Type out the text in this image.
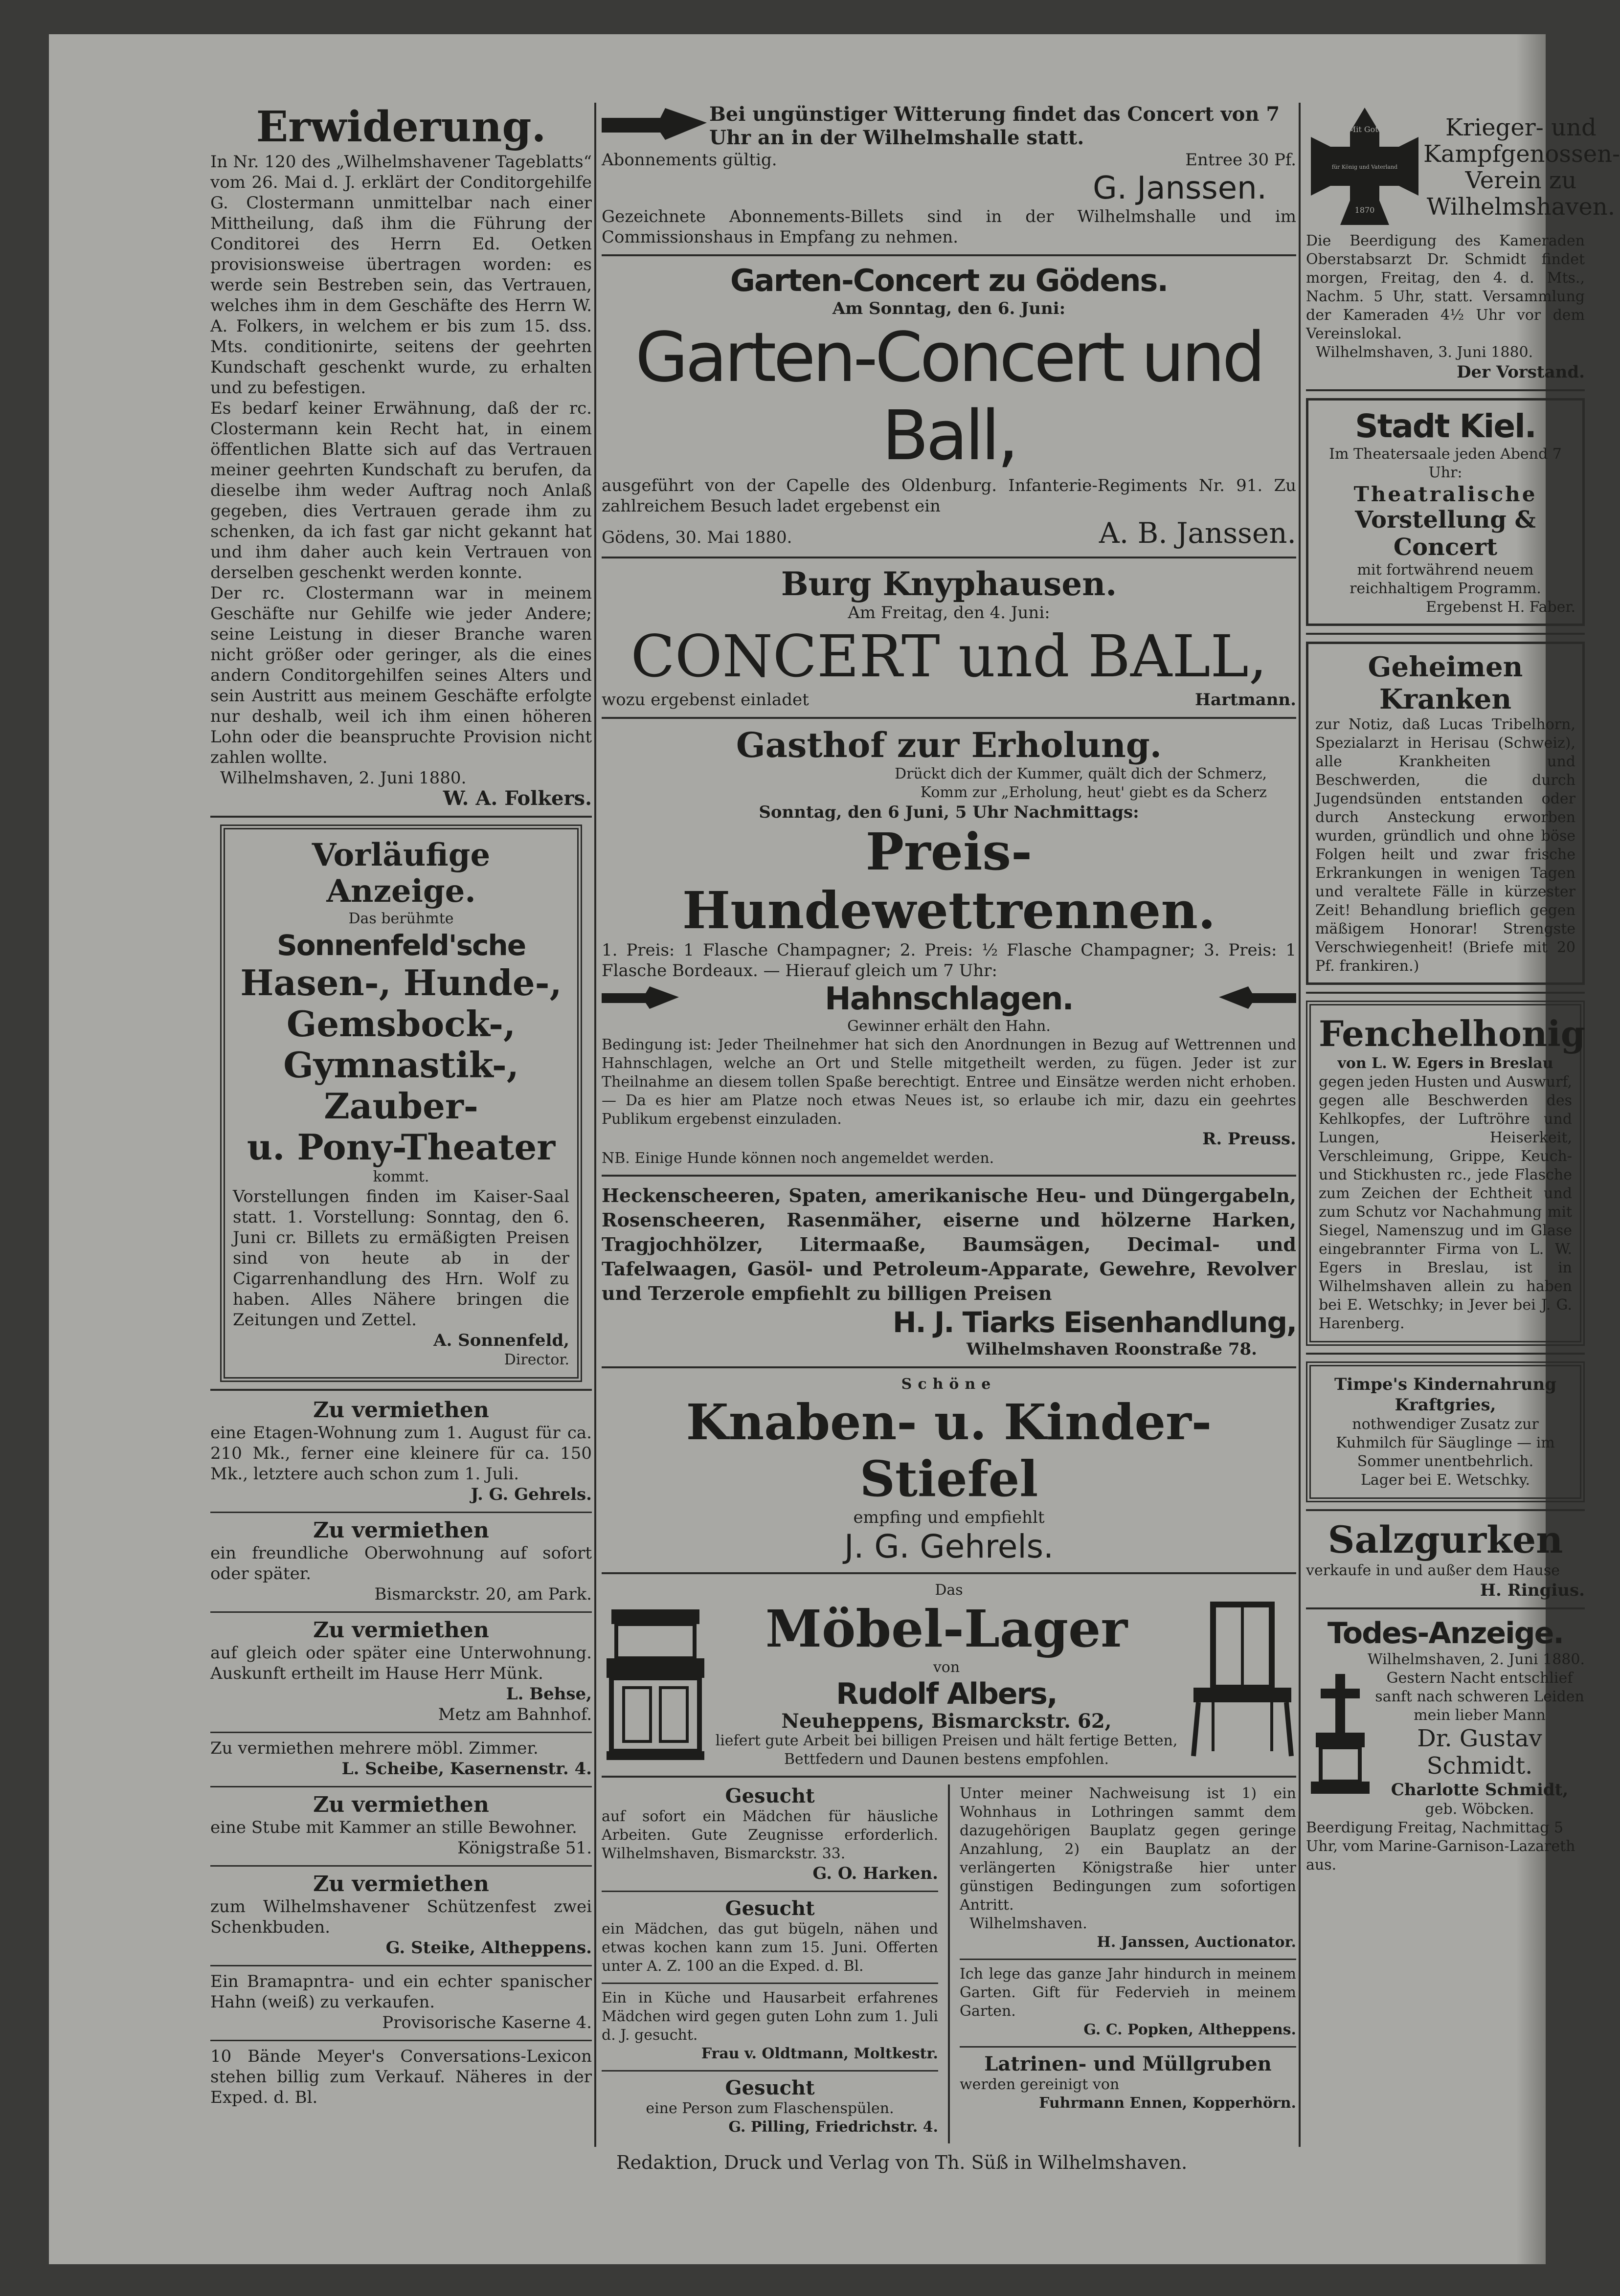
Erwiderung.
In Nr. 120 des „Wilhelmshavener Tageblatts“ vom 26. Mai d. J. erklärt der Conditorgehilfe G. Clostermann unmittelbar nach einer Mittheilung, daß ihm die Führung der Conditorei des Herrn Ed. Oetken provisionsweise übertragen worden: es werde sein Bestreben sein, das Vertrauen, welches ihm in dem Geschäfte des Herrn W. A. Folkers, in welchem er bis zum 15. dss. Mts. conditionirte, seitens der geehrten Kundschaft geschenkt wurde, zu erhalten und zu befestigen.
Es bedarf keiner Erwähnung, daß der rc. Clostermann kein Recht hat, in einem öffentlichen Blatte sich auf das Vertrauen meiner geehrten Kundschaft zu berufen, da dieselbe ihm weder Auftrag noch Anlaß gegeben, dies Vertrauen gerade ihm zu schenken, da ich fast gar nicht gekannt hat und ihm daher auch kein Vertrauen von derselben geschenkt werden konnte.
Der rc. Clostermann war in meinem Geschäfte nur Gehilfe wie jeder Andere; seine Leistung in dieser Branche waren nicht größer oder geringer, als die eines andern Conditorgehilfen seines Alters und sein Austritt aus meinem Geschäfte erfolgte nur deshalb, weil ich ihm einen höheren Lohn oder die beanspruchte Provision nicht zahlen wollte.
Wilhelmshaven, 2. Juni 1880.
W. A. Folkers.
Vorläufige Anzeige.
Das berühmte
Sonnenfeld'sche
Hasen-, Hunde-,
Gemsbock-, Gymnastik-, Zauber-
u. Pony-Theater
kommt.
Vorstellungen finden im Kaiser-Saal statt. 1. Vorstellung: Sonntag, den 6. Juni cr. Billets zu ermäßigten Preisen sind von heute ab in der Cigarrenhandlung des Hrn. Wolf zu haben. Alles Nähere bringen die Zeitungen und Zettel.
A. Sonnenfeld,
Director.
Zu vermiethen
eine Etagen-Wohnung zum 1. August für ca. 210 Mk., ferner eine kleinere für ca. 150 Mk., letztere auch schon zum 1. Juli.
J. G. Gehrels.
Zu vermiethen
ein freundliche Oberwohnung auf sofort oder später.
Bismarckstr. 20, am Park.
Zu vermiethen
auf gleich oder später eine Unterwohnung. Auskunft ertheilt im Hause Herr Münk.
L. Behse,
Metz am Bahnhof.
Zu vermiethen mehrere möbl. Zimmer.
L. Scheibe, Kasernenstr. 4.
Zu vermiethen
eine Stube mit Kammer an stille Bewohner.
Königstraße 51.
Zu vermiethen
zum Wilhelmshavener Schützenfest zwei Schenkbuden.
G. Steike, Altheppens.
Ein Bramapntra- und ein echter spanischer Hahn (weiß) zu verkaufen.
Provisorische Kaserne 4.
10 Bände Meyer's Conversations-Lexicon stehen billig zum Verkauf. Näheres in der Exped. d. Bl.
Bei ungünstiger Witterung findet das Concert von 7 Uhr an in der Wilhelmshalle statt.
Abonnements gültig.	Entree 30 Pf.
G. Janssen.
Gezeichnete Abonnements-Billets sind in der Wilhelmshalle und im Commissionshaus in Empfang zu nehmen.
Garten-Concert zu Gödens.
Am Sonntag, den 6. Juni:
Garten-Concert und Ball,
ausgeführt von der Capelle des Oldenburg. Infanterie-Regiments Nr. 91. Zu zahlreichem Besuch ladet ergebenst ein
Gödens, 30. Mai 1880.	A. B. Janssen.
Burg Knyphausen.
Am Freitag, den 4. Juni:
CONCERT und BALL,
wozu ergebenst einladet	Hartmann.
Gasthof zur Erholung.
Drückt dich der Kummer, quält dich der Schmerz,
Komm zur „Erholung, heut' giebt es da Scherz
Sonntag, den 6 Juni, 5 Uhr Nachmittags:
Preis-Hundewettrennen.
1. Preis: 1 Flasche Champagner; 2. Preis: ½ Flasche Champagner; 3. Preis: 1 Flasche Bordeaux. — Hierauf gleich um 7 Uhr:
Hahnschlagen.
Gewinner erhält den Hahn.
Bedingung ist: Jeder Theilnehmer hat sich den Anordnungen in Bezug auf Wettrennen und Hahnschlagen, welche an Ort und Stelle mitgetheilt werden, zu fügen. Jeder ist zur Theilnahme an diesem tollen Spaße berechtigt. Entree und Einsätze werden nicht erhoben. — Da es hier am Platze noch etwas Neues ist, so erlaube ich mir, dazu ein geehrtes Publikum ergebenst einzuladen.
R. Preuss.
NB. Einige Hunde können noch angemeldet werden.
Heckenscheeren, Spaten, amerikanische Heu- und Düngergabeln, Rosenscheeren, Rasenmäher, eiserne und hölzerne Harken, Tragjochhölzer, Litermaaße, Baumsägen, Decimal- und Tafelwaagen, Gasöl- und Petroleum-Apparate, Gewehre, Revolver und Terzerole empfiehlt zu billigen Preisen
H. J. Tiarks Eisenhandlung,
Wilhelmshaven Roonstraße 78.
Schöne
Knaben- u. Kinder-Stiefel
empfing und empfiehlt
J. G. Gehrels.
Das
Möbel-Lager
von
Rudolf Albers,
Neuheppens, Bismarckstr. 62,
liefert gute Arbeit bei billigen Preisen und hält fertige Betten, Bettfedern und Daunen bestens empfohlen.
Gesucht
auf sofort ein Mädchen für häusliche Arbeiten. Gute Zeugnisse erforderlich. Wilhelmshaven, Bismarckstr. 33.
G. O. Harken.
Gesucht
ein Mädchen, das gut bügeln, nähen und etwas kochen kann zum 15. Juni. Offerten unter A. Z. 100 an die Exped. d. Bl.
Ein in Küche und Hausarbeit erfahrenes Mädchen wird gegen guten Lohn zum 1. Juli d. J. gesucht.
Frau v. Oldtmann, Moltkestr.
Gesucht
eine Person zum Flaschenspülen.
G. Pilling, Friedrichstr. 4.
Unter meiner Nachweisung ist 1) ein Wohnhaus in Lothringen sammt dem dazugehörigen Bauplatz gegen geringe Anzahlung, 2) ein Bauplatz an der verlängerten Königstraße hier unter günstigen Bedingungen zum sofortigen Antritt.
Wilhelmshaven.
H. Janssen, Auctionator.
Ich lege das ganze Jahr hindurch in meinem Garten. Gift für Federvieh in meinem Garten.
G. C. Popken, Altheppens.
Latrinen- und Müllgruben
werden gereinigt von
Fuhrmann Ennen, Kopperhörn.
Mit Gott
für König und Vaterland
1870
Krieger- und Kampfgenossen-Verein zu Wilhelmshaven.
Die Beerdigung des Kameraden Oberstabsarzt Dr. Schmidt findet morgen, Freitag, den 4. d. Mts., Nachm. 5 Uhr, statt. Versammlung der Kameraden 4½ Uhr vor dem Vereinslokal.
Wilhelmshaven, 3. Juni 1880.
Der Vorstand.
Stadt Kiel.
Im Theatersaale jeden Abend 7 Uhr:
Theatralische
Vorstellung & Concert
mit fortwährend neuem reichhaltigem Programm.
Ergebenst H. Faber.
Geheimen Kranken
zur Notiz, daß Lucas Tribelhorn, Spezialarzt in Herisau (Schweiz), alle Krankheiten und Beschwerden, die durch Jugendsünden entstanden oder durch Ansteckung erworben wurden, gründlich und ohne böse Folgen heilt und zwar frische Erkrankungen in wenigen Tagen und veraltete Fälle in kürzester Zeit! Behandlung brieflich gegen mäßigem Honorar! Strengste Verschwiegenheit! (Briefe mit 20 Pf. frankiren.)
Fenchelhonig
von L. W. Egers in Breslau
gegen jeden Husten und Auswurf, gegen alle Beschwerden des Kehlkopfes, der Luftröhre und Lungen, Heiserkeit, Verschleimung, Grippe, Keuch- und Stickhusten rc., jede Flasche zum Zeichen der Echtheit und zum Schutz vor Nachahmung mit Siegel, Namenszug und im Glase eingebrannter Firma von L. W. Egers in Breslau, ist in Wilhelmshaven allein zu haben bei E. Wetschky; in Jever bei J. G. Harenberg.
Timpe's Kindernahrung Kraftgries,
nothwendiger Zusatz zur Kuhmilch für Säuglinge — im Sommer unentbehrlich.
Lager bei E. Wetschky.
Salzgurken
verkaufe in und außer dem Hause
H. Ringius.
Todes-Anzeige.
Wilhelmshaven, 2. Juni 1880.
Gestern Nacht entschlief sanft nach schweren Leiden mein lieber Mann
Dr. Gustav Schmidt.
Charlotte Schmidt,
geb. Wöbcken.
Beerdigung Freitag, Nachmittag 5 Uhr, vom Marine-Garnison-Lazareth aus.
Redaktion, Druck und Verlag von Th. Süß in Wilhelmshaven.
